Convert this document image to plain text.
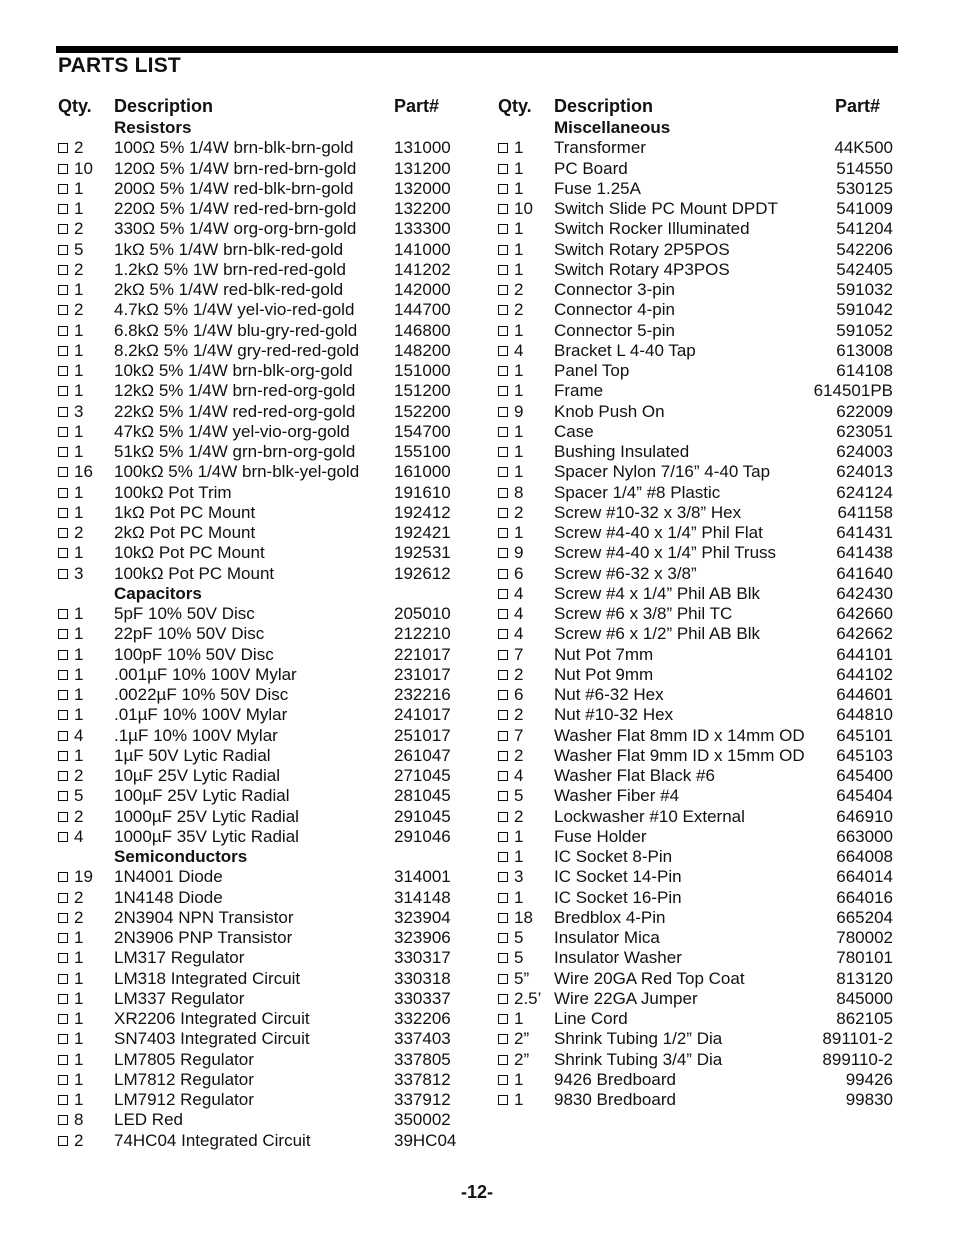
PARTS LIST
Qty. Description	Part#
Resistors
2 100Ω 5% 1/4W brn-blk-brn-gold 131000
10 120Ω 5% 1/4W brn-red-brn-gold 131200
1 200Ω 5% 1/4W red-blk-brn-gold 132000
1 220Ω 5% 1/4W red-red-brn-gold 132200
2 330Ω 5% 1/4W org-org-brn-gold 133300
5 1kΩ 5% 1/4W brn-blk-red-gold	141000
2 1.2kΩ 5% 1W brn-red-red-gold	141202
1 2kΩ 5% 1/4W red-blk-red-gold	142000
2 4.7kΩ 5% 1/4W yel-vio-red-gold 144700
1 6.8kΩ 5% 1/4W blu-gry-red-gold 146800
1 8.2kΩ 5% 1/4W gry-red-red-gold 148200
1 10kΩ 5% 1/4W brn-blk-org-gold 151000
1 12kΩ 5% 1/4W brn-red-org-gold 151200
3 22kΩ 5% 1/4W red-red-org-gold 152200
1 47kΩ 5% 1/4W yel-vio-org-gold	154700
1 51kΩ 5% 1/4W grn-brn-org-gold 155100
16 100kΩ 5% 1/4W brn-blk-yel-gold 161000
1 100kΩ Pot Trim	191610
1 1kΩ Pot PC Mount	192412
2 2kΩ Pot PC Mount	192421
1 10kΩ Pot PC Mount	192531
3 100kΩ Pot PC Mount	192612
Capacitors
1 5pF 10% 50V Disc	205010
1 22pF 10% 50V Disc	212210
1 100pF 10% 50V Disc	221017
1 .001µF 10% 100V Mylar	231017
1 .0022µF 10% 50V Disc	232216
1 .01µF 10% 100V Mylar	241017
4 .1µF 10% 100V Mylar	251017
1 1µF 50V Lytic Radial	261047
2 10µF 25V Lytic Radial	271045
5 100µF 25V Lytic Radial	281045
2 1000µF 25V Lytic Radial	291045
4 1000µF 35V Lytic Radial	291046
Semiconductors
19 1N4001 Diode	314001
2 1N4148 Diode	314148
2 2N3904 NPN Transistor	323904
1 2N3906 PNP Transistor	323906
1 LM317 Regulator	330317
1 LM318 Integrated Circuit	330318
1 LM337 Regulator	330337
1 XR2206 Integrated Circuit	332206
1 SN7403 Integrated Circuit	337403
1 LM7805 Regulator	337805
1 LM7812 Regulator	337812
1 LM7912 Regulator	337912
8 LED Red	350002
2 74HC04 Integrated Circuit	39HC04
Qty. Description	Part#
Miscellaneous
1 Transformer	44K500
1 PC Board	514550
1 Fuse 1.25A	530125
10 Switch Slide PC Mount DPDT	541009
1 Switch Rocker Illuminated	541204
1 Switch Rotary 2P5POS	542206
1 Switch Rotary 4P3POS	542405
2 Connector 3-pin	591032
2 Connector 4-pin	591042
1 Connector 5-pin	591052
4 Bracket L 4-40 Tap	613008
1 Panel Top	614108
1 Frame	614501PB
9 Knob Push On	622009
1 Case	623051
1 Bushing Insulated	624003
1 Spacer Nylon 7/16” 4-40 Tap	624013
8 Spacer 1/4” #8 Plastic	624124
2 Screw #10-32 x 3/8” Hex	641158
1 Screw #4-40 x 1/4” Phil Flat	641431
9 Screw #4-40 x 1/4” Phil Truss	641438
6 Screw #6-32 x 3/8”	641640
4 Screw #4 x 1/4” Phil AB Blk	642430
4 Screw #6 x 3/8” Phil TC	642660
4 Screw #6 x 1/2” Phil AB Blk	642662
7 Nut Pot 7mm	644101
2 Nut Pot 9mm	644102
6 Nut #6-32 Hex	644601
2 Nut #10-32 Hex	644810
7 Washer Flat 8mm ID x 14mm OD	645101
2 Washer Flat 9mm ID x 15mm OD	645103
4 Washer Flat Black #6	645400
5 Washer Fiber #4	645404
2 Lockwasher #10 External	646910
1 Fuse Holder	663000
1 IC Socket 8-Pin	664008
3 IC Socket 14-Pin	664014
1 IC Socket 16-Pin	664016
18 Bredblox 4-Pin	665204
5 Insulator Mica	780002
5 Insulator Washer	780101
5” Wire 20GA Red Top Coat	813120
2.5’ Wire 22GA Jumper	845000
1 Line Cord	862105
2” Shrink Tubing 1/2” Dia	891101-2
2” Shrink Tubing 3/4” Dia	899110-2
1 9426 Bredboard	99426
1 9830 Bredboard	99830
-12-
